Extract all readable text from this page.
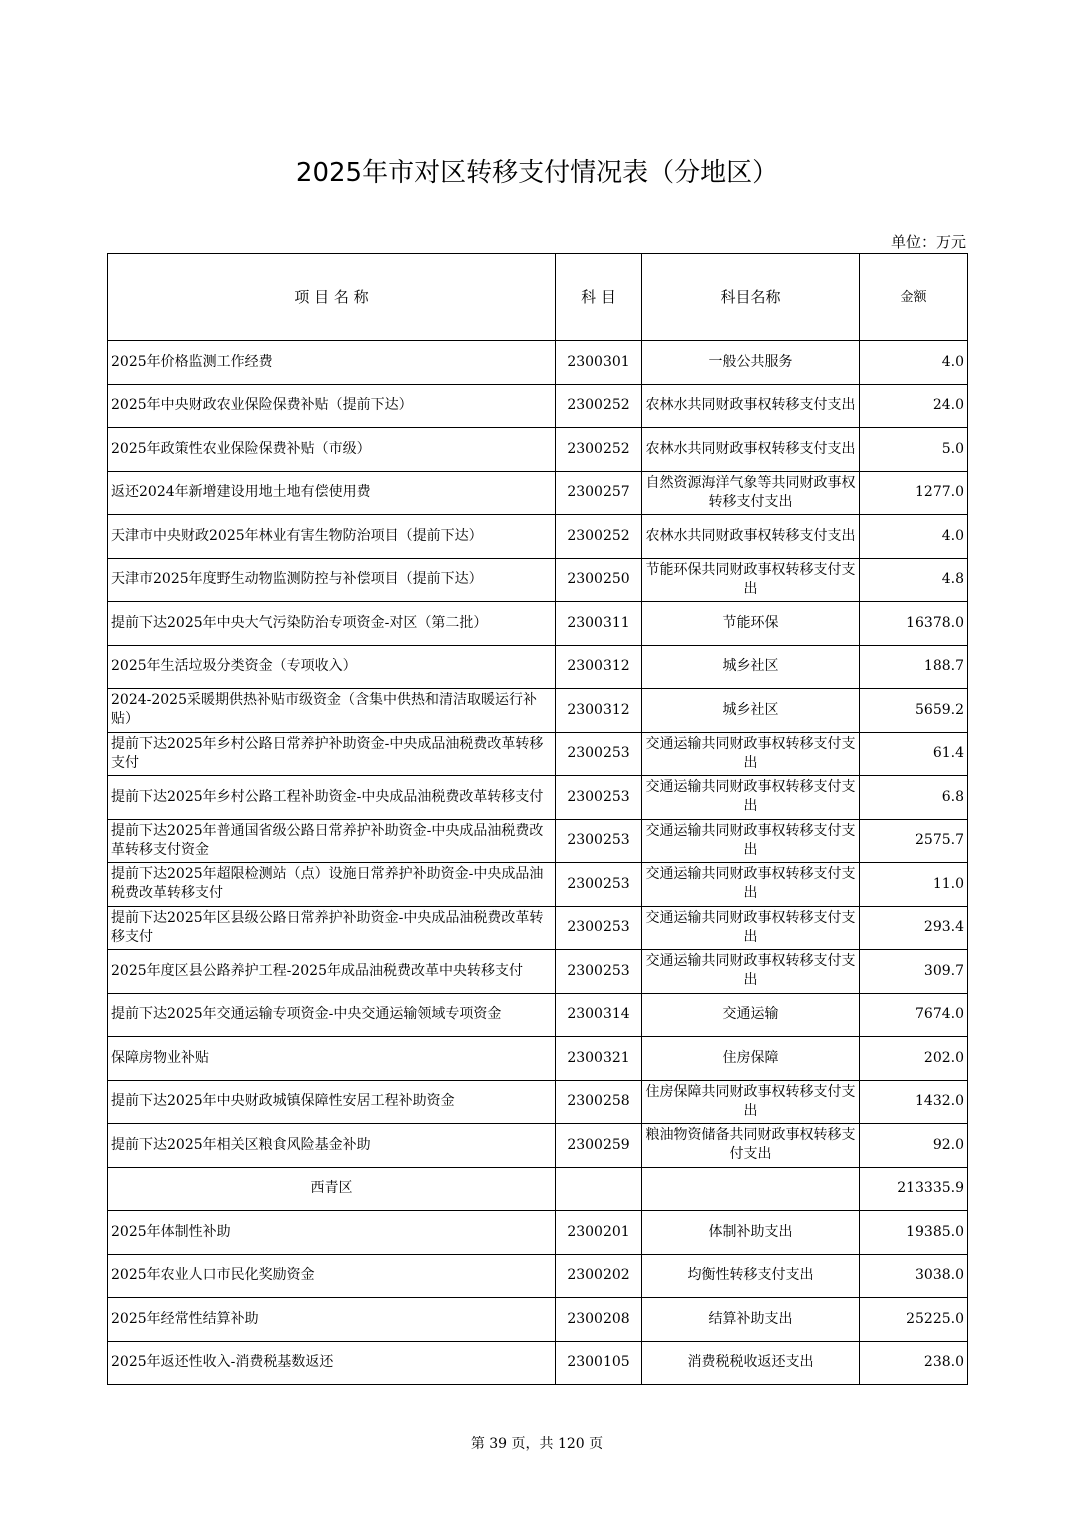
2025年市对区转移支付情况表（分地区）
单位：万元
项 目 名 称	科 目	科目名称	金额
2025年价格监测工作经费	2300301	一般公共服务	4.0
2025年中央财政农业保险保费补贴（提前下达）	2300252	农林水共同财政事权转移支付支出	24.0
2025年政策性农业保险保费补贴（市级）	2300252	农林水共同财政事权转移支付支出	5.0
返还2024年新增建设用地土地有偿使用费	2300257	自然资源海洋气象等共同财政事权转移支付支出	1277.0
天津市中央财政2025年林业有害生物防治项目（提前下达）	2300252	农林水共同财政事权转移支付支出	4.0
天津市2025年度野生动物监测防控与补偿项目（提前下达）	2300250	节能环保共同财政事权转移支付支出	4.8
提前下达2025年中央大气污染防治专项资金-对区（第二批）	2300311	节能环保	16378.0
2025年生活垃圾分类资金（专项收入）	2300312	城乡社区	188.7
2024-2025采暖期供热补贴市级资金（含集中供热和清洁取暖运行补贴）	2300312	城乡社区	5659.2
提前下达2025年乡村公路日常养护补助资金-中央成品油税费改革转移支付	2300253	交通运输共同财政事权转移支付支出	61.4
提前下达2025年乡村公路工程补助资金-中央成品油税费改革转移支付	2300253	交通运输共同财政事权转移支付支出	6.8
提前下达2025年普通国省级公路日常养护补助资金-中央成品油税费改革转移支付资金	2300253	交通运输共同财政事权转移支付支出	2575.7
提前下达2025年超限检测站（点）设施日常养护补助资金-中央成品油税费改革转移支付	2300253	交通运输共同财政事权转移支付支出	11.0
提前下达2025年区县级公路日常养护补助资金-中央成品油税费改革转移支付	2300253	交通运输共同财政事权转移支付支出	293.4
2025年度区县公路养护工程-2025年成品油税费改革中央转移支付	2300253	交通运输共同财政事权转移支付支出	309.7
提前下达2025年交通运输专项资金-中央交通运输领域专项资金	2300314	交通运输	7674.0
保障房物业补贴	2300321	住房保障	202.0
提前下达2025年中央财政城镇保障性安居工程补助资金	2300258	住房保障共同财政事权转移支付支出	1432.0
提前下达2025年相关区粮食风险基金补助	2300259	粮油物资储备共同财政事权转移支付支出	92.0
西青区			213335.9
2025年体制性补助	2300201	体制补助支出	19385.0
2025年农业人口市民化奖励资金	2300202	均衡性转移支付支出	3038.0
2025年经常性结算补助	2300208	结算补助支出	25225.0
2025年返还性收入-消费税基数返还	2300105	消费税税收返还支出	238.0
第 39 页，共 120 页
